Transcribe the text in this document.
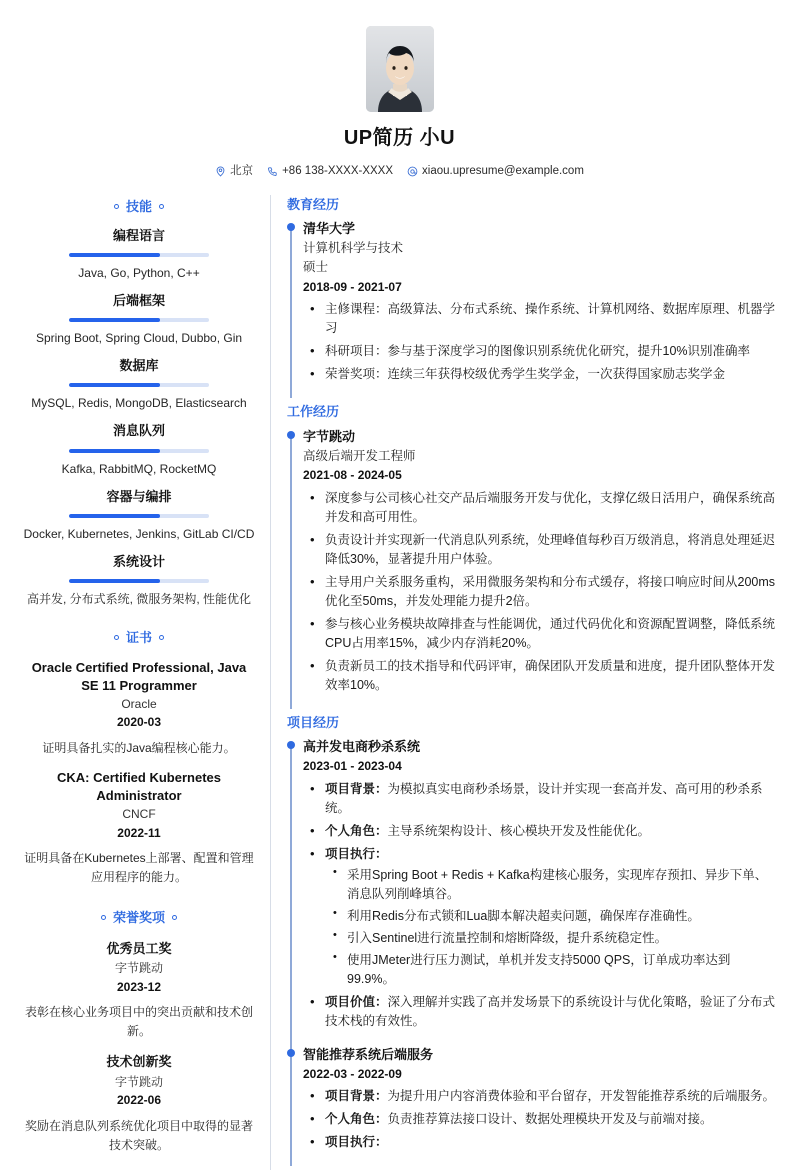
UP简历 小U
北京	+86 138-XXXX-XXXX	xiaou.upresume@example.com
技能
编程语言
Java, Go, Python, C++
后端框架
Spring Boot, Spring Cloud, Dubbo, Gin
数据库
MySQL, Redis, MongoDB, Elasticsearch
消息队列
Kafka, RabbitMQ, RocketMQ
容器与编排
Docker, Kubernetes, Jenkins, GitLab CI/CD
系统设计
高并发, 分布式系统, 微服务架构, 性能优化
证书
Oracle Certified Professional, Java SE 11 Programmer
Oracle
2020-03
证明具备扎实的Java编程核心能力。
CKA: Certified Kubernetes Administrator
CNCF
2022-11
证明具备在Kubernetes上部署、配置和管理应用程序的能力。
荣誉奖项
优秀员工奖
字节跳动
2023-12
表彰在核心业务项目中的突出贡献和技术创新。
技术创新奖
字节跳动
2022-06
奖励在消息队列系统优化项目中取得的显著技术突破。
教育经历
清华大学
计算机科学与技术
硕士
2018-09 - 2021-07
• 主修课程：高级算法、分布式系统、操作系统、计算机网络、数据库原理、机器学习
• 科研项目：参与基于深度学习的图像识别系统优化研究，提升10%识别准确率
• 荣誉奖项：连续三年获得校级优秀学生奖学金，一次获得国家励志奖学金
工作经历
字节跳动
高级后端开发工程师
2021-08 - 2024-05
• 深度参与公司核心社交产品后端服务开发与优化，支撑亿级日活用户，确保系统高并发和高可用性。
• 负责设计并实现新一代消息队列系统，处理峰值每秒百万级消息，将消息处理延迟降低30%，显著提升用户体验。
• 主导用户关系服务重构，采用微服务架构和分布式缓存，将接口响应时间从200ms优化至50ms，并发处理能力提升2倍。
• 参与核心业务模块故障排查与性能调优，通过代码优化和资源配置调整，降低系统CPU占用率15%，减少内存消耗20%。
• 负责新员工的技术指导和代码评审，确保团队开发质量和进度，提升团队整体开发效率10%。
项目经历
高并发电商秒杀系统
2023-01 - 2023-04
• 项目背景：为模拟真实电商秒杀场景，设计并实现一套高并发、高可用的秒杀系统。
• 个人角色：主导系统架构设计、核心模块开发及性能优化。
• 项目执行：
• 采用Spring Boot + Redis + Kafka构建核心服务，实现库存预扣、异步下单、消息队列削峰填谷。
• 利用Redis分布式锁和Lua脚本解决超卖问题，确保库存准确性。
• 引入Sentinel进行流量控制和熔断降级，提升系统稳定性。
• 使用JMeter进行压力测试，单机并发支持5000 QPS，订单成功率达到99.9%。
• 项目价值：深入理解并实践了高并发场景下的系统设计与优化策略，验证了分布式技术栈的有效性。
智能推荐系统后端服务
2022-03 - 2022-09
• 项目背景：为提升用户内容消费体验和平台留存，开发智能推荐系统的后端服务。
• 个人角色：负责推荐算法接口设计、数据处理模块开发及与前端对接。
• 项目执行：
